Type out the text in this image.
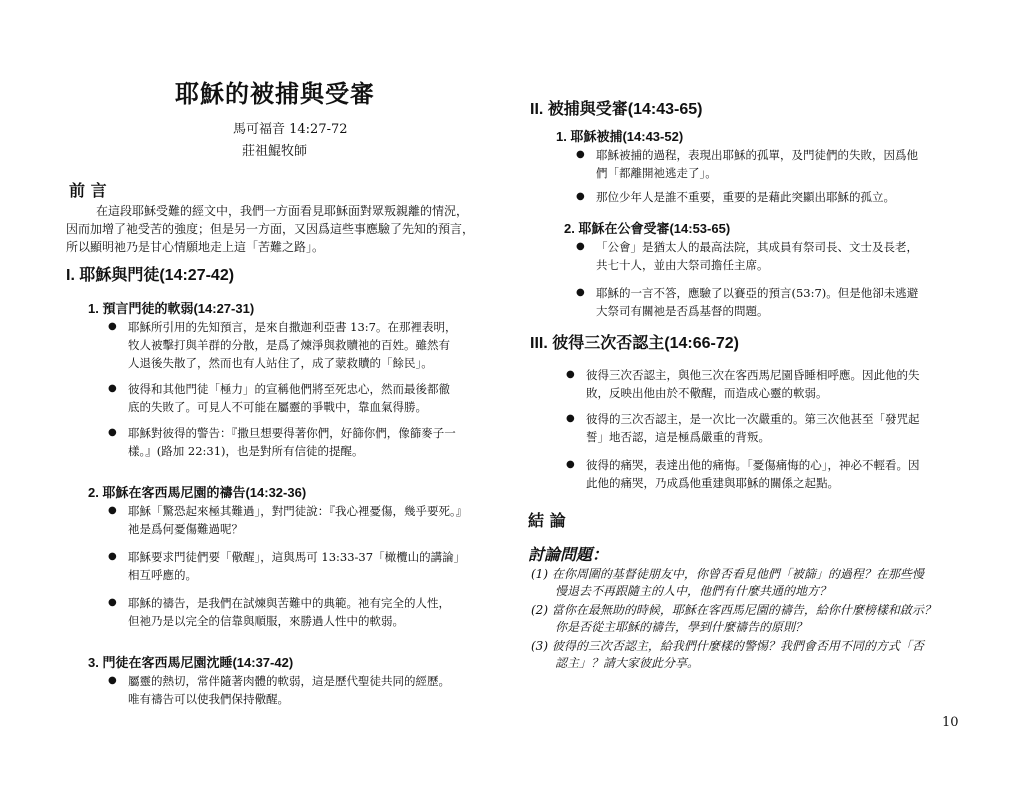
耶穌的被捕與受審
馬可福音 14:27-72
莊祖鯤牧師
前 言
在這段耶穌受難的經文中，我們一方面看見耶穌面對眾叛親離的情況，
因而加增了祂受苦的強度；但是另一方面，又因爲這些事應驗了先知的預言，
所以顯明祂乃是甘心情願地走上這「苦難之路」。
I. 耶穌與門徒(14:27-42)
1. 預言門徒的軟弱(14:27-31)
● 耶穌所引用的先知預言，是來自撒迦利亞書 13:7。在那裡表明，
牧人被擊打與羊群的分散，是爲了煉淨與救贖祂的百姓。雖然有
人退後失散了，然而也有人站住了，成了蒙救贖的「餘民」。
● 彼得和其他門徒「極力」的宣稱他們將至死忠心，然而最後都徹
底的失敗了。可見人不可能在屬靈的爭戰中，靠血氣得勝。
● 耶穌對彼得的警告：『撒旦想要得著你們，好篩你們，像篩麥子一
樣。』(路加 22:31)，也是對所有信徒的提醒。
2. 耶穌在客西馬尼園的禱告(14:32-36)
● 耶穌「驚恐起來極其難過」，對門徒說：『我心裡憂傷，幾乎要死。』
祂是爲何憂傷難過呢？
● 耶穌要求門徒們要「儆醒」，這與馬可 13:33-37「橄欖山的講論」
相互呼應的。
● 耶穌的禱告，是我們在試煉與苦難中的典範。祂有完全的人性，
但祂乃是以完全的信靠與順服，來勝過人性中的軟弱。
3. 門徒在客西馬尼園沈睡(14:37-42)
● 屬靈的熱切，常伴隨著肉體的軟弱，這是歷代聖徒共同的經歷。
唯有禱告可以使我們保持儆醒。
II. 被捕與受審(14:43-65)
1. 耶穌被捕(14:43-52)
● 耶穌被捕的過程，表現出耶穌的孤單，及門徒們的失敗，因爲他
們「都離開祂逃走了」。
● 那位少年人是誰不重要，重要的是藉此突顯出耶穌的孤立。
2. 耶穌在公會受審(14:53-65)
● 「公會」是猶太人的最高法院，其成員有祭司長、文士及長老，
共七十人，並由大祭司擔任主席。
● 耶穌的一言不答，應驗了以賽亞的預言(53:7)。但是他卻未逃避
大祭司有關祂是否爲基督的問題。
III. 彼得三次否認主(14:66-72)
● 彼得三次否認主，與他三次在客西馬尼園昏睡相呼應。因此他的失
敗，反映出他由於不儆醒，而造成心靈的軟弱。
● 彼得的三次否認主，是一次比一次嚴重的。第三次他甚至「發咒起
誓」地否認，這是極爲嚴重的背叛。
● 彼得的痛哭，表達出他的痛悔。「憂傷痛悔的心」，神必不輕看。因
此他的痛哭，乃成爲他重建與耶穌的關係之起點。
結 論
討論問題：
(1) 在你周圍的基督徒朋友中，你曾否看見他們「被篩」的過程？在那些慢
慢退去不再跟隨主的人中，他們有什麼共通的地方？
(2) 當你在最無助的時候，耶穌在客西馬尼園的禱告，給你什麼榜樣和啟示？
你是否從主耶穌的禱告，學到什麼禱告的原則？
(3) 彼得的三次否認主，給我們什麼樣的警惕？我們會否用不同的方式「否
認主」？請大家彼此分享。
10
